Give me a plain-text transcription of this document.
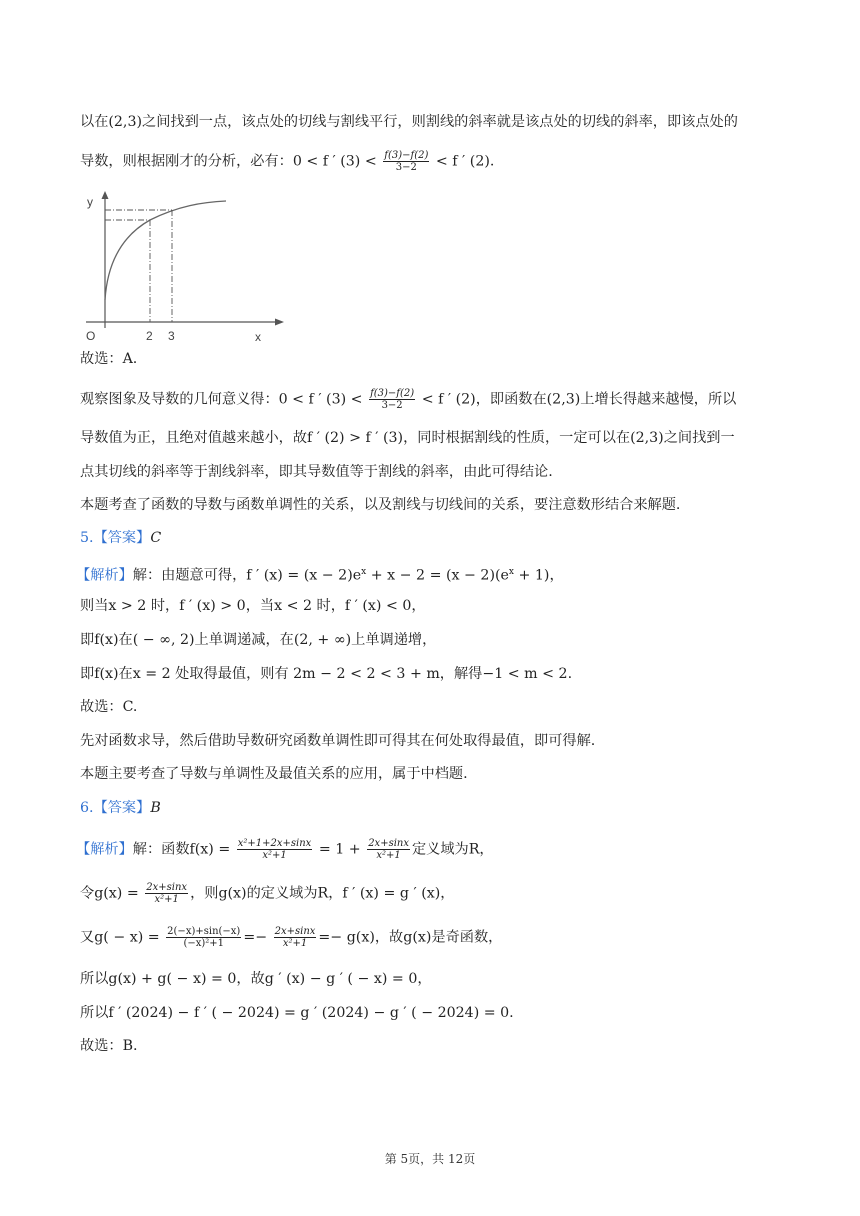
以在(2,3)之间找到一点，该点处的切线与割线平行，则割线的斜率就是该点处的切线的斜率，即该点处的
导数，则根据刚才的分析，必有：0 < f ′ $(3) < \frac{f(3)-f(2)}{3-2} < f$ ′ (2).
y
x
O	2 3
故选：A.
观察图象及导数的几何意义得：0 < f ′ $(3) < \frac{f(3)-f(2)}{3-2} < f$ ′ (2)，即函数在(2,3)上增长得越来越慢，所以
导数值为正，且绝对值越来越小，故f ′ (2) > f ′ (3)，同时根据割线的性质，一定可以在(2,3)之间找到一
点其切线的斜率等于割线斜率，即其导数值等于割线的斜率，由此可得结论.
本题考查了函数的导数与函数单调性的关系，以及割线与切线间的关系，要注意数形结合来解题.
5.【答案】C
【解析】解：由题意可得，f ′ $(x) = (x - 2)e^x + x - 2 = (x - 2)(e^x + 1)$，
则当x > 2 时，f ′ (x) > 0，当x < 2 时，f ′ (x) < 0，
即f(x)在( − ∞, 2)上单调递减，在(2, + ∞)上单调递增，
即f(x)在x = 2 处取得最值，则有 2m − 2 < 2 < 3 + m，解得−1 < m < 2.
故选：C.
先对函数求导，然后借助导数研究函数单调性即可得其在何处取得最值，即可得解.
本题主要考查了导数与单调性及最值关系的应用，属于中档题.
6.【答案】B
【解析】解：函数$f(x) = \frac{\text{x²+1+2x+sinx}}{\text{x²+1}} = 1 + \frac{2x+\sin x}{\text{x²+1}}$ 定义域为R，
令$g(x) = \frac{2x+\sin x}{\text{x²+1}}$ ，则g(x)的定义域为R，f ′ (x) = g ′ (x)，
又$g( - x) = \frac{2(-x)+\sin(-x)}{\text{(−x)²+1}} =- \frac{2x+\sin x}{\text{x²+1}} =- g(x)$，故g(x)是奇函数，
所以g(x) + g( − x) = 0，故g ′ (x) − g ′ ( − x) = 0，
所以f ′ (2024) − f ′ ( − 2024) = g ′ (2024) − g ′ ( − 2024) = 0.
故选：B.
第 5页，共 12页
